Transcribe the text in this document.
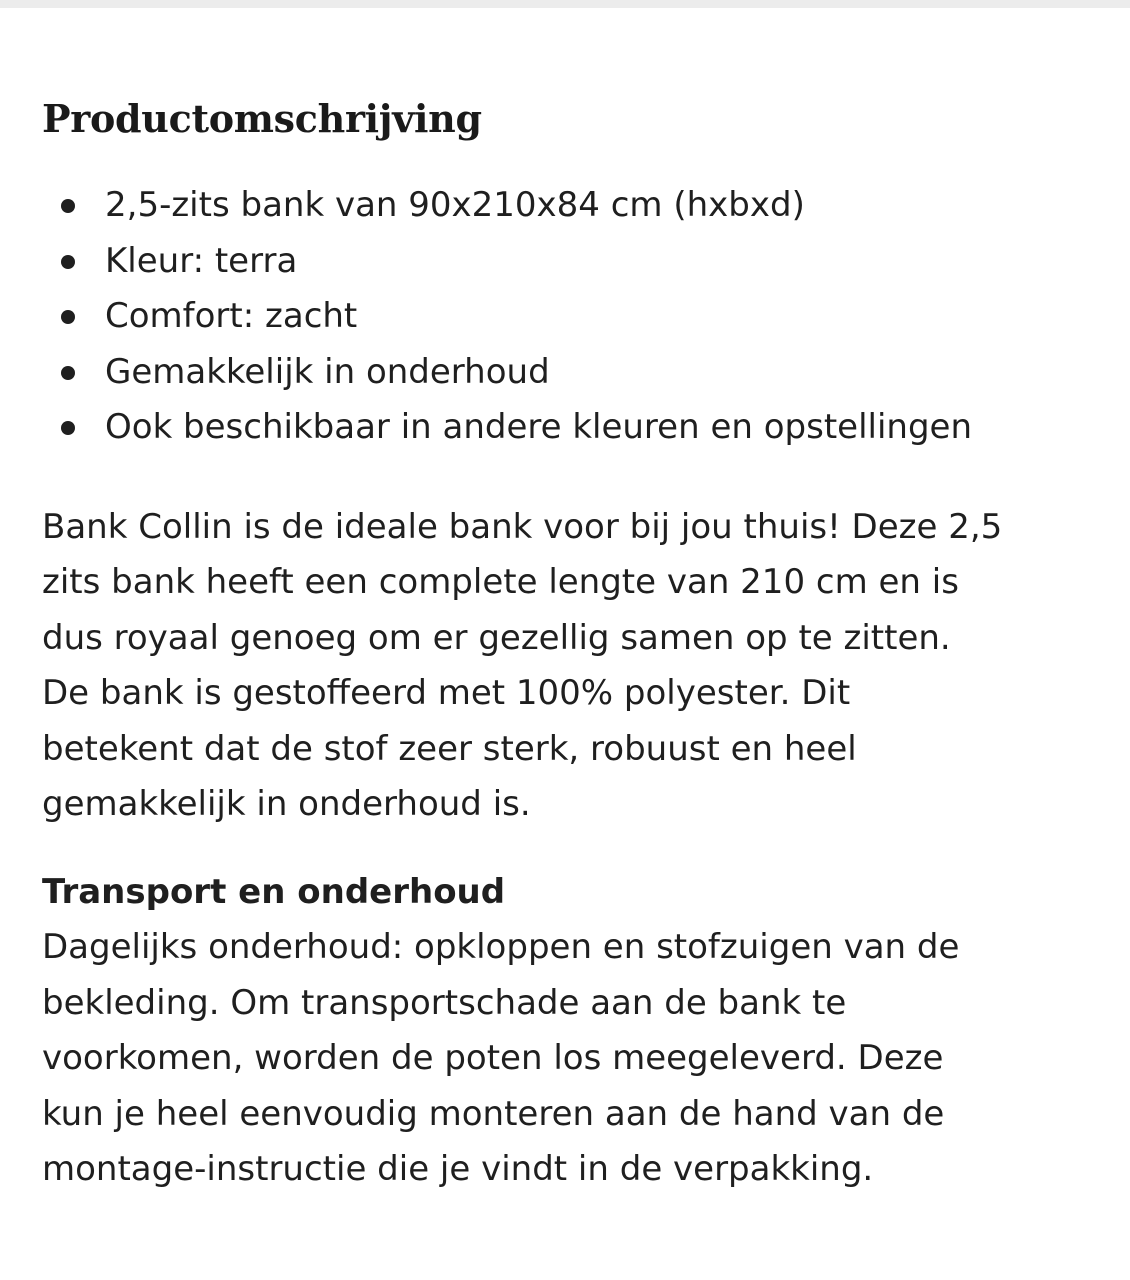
Productomschrijving
2,5-zits bank van 90x210x84 cm (hxbxd)
Kleur: terra
Comfort: zacht
Gemakkelijk in onderhoud
Ook beschikbaar in andere kleuren en opstellingen

Bank Collin is de ideale bank voor bij jou thuis! Deze 2,5
zits bank heeft een complete lengte van 210 cm en is
dus royaal genoeg om er gezellig samen op te zitten.
De bank is gestoffeerd met 100% polyester. Dit
betekent dat de stof zeer sterk, robuust en heel
gemakkelijk in onderhoud is.

Transport en onderhoud

Dagelijks onderhoud: opkloppen en stofzuigen van de
bekleding. Om transportschade aan de bank te
voorkomen, worden de poten los meegeleverd. Deze
kun je heel eenvoudig monteren aan de hand van de
montage-instructie die je vindt in de verpakking.
